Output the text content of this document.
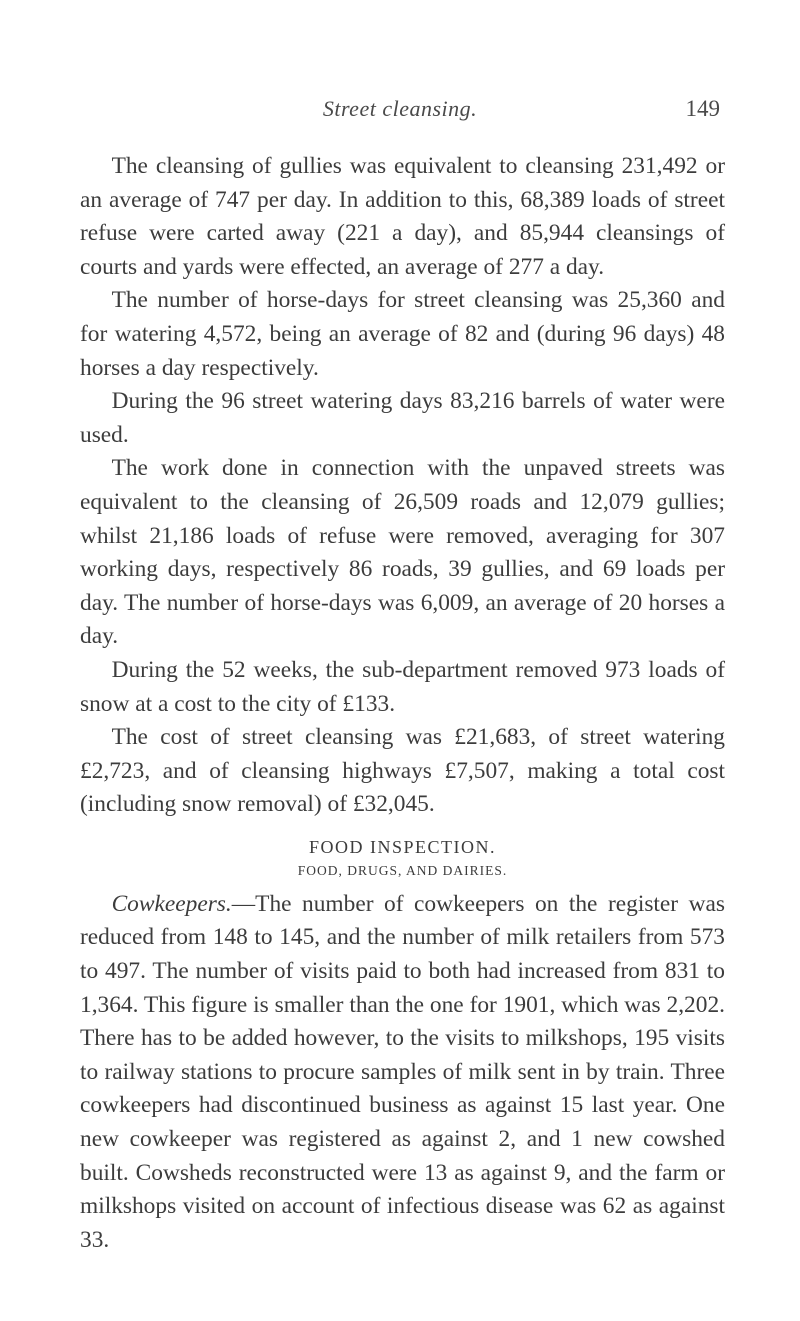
Street cleansing.	149

The cleansing of gullies was equivalent to cleansing 231,492 or an average of 747 per day. In addition to this, 68,389 loads of street refuse were carted away (221 a day), and 85,944 cleansings of courts and yards were effected, an average of 277 a day.

The number of horse-days for street cleansing was 25,360 and for watering 4,572, being an average of 82 and (during 96 days) 48 horses a day respectively.

During the 96 street watering days 83,216 barrels of water were used.

The work done in connection with the unpaved streets was equivalent to the cleansing of 26,509 roads and 12,079 gullies; whilst 21,186 loads of refuse were removed, averaging for 307 working days, respectively 86 roads, 39 gullies, and 69 loads per day. The number of horse-days was 6,009, an average of 20 horses a day.

During the 52 weeks, the sub-department removed 973 loads of snow at a cost to the city of £133.

The cost of street cleansing was £21,683, of street watering £2,723, and of cleansing highways £7,507, making a total cost (including snow removal) of £32,045.

FOOD INSPECTION.
FOOD, DRUGS, AND DAIRIES.

Cowkeepers.—The number of cowkeepers on the register was reduced from 148 to 145, and the number of milk retailers from 573 to 497. The number of visits paid to both had increased from 831 to 1,364. This figure is smaller than the one for 1901, which was 2,202. There has to be added however, to the visits to milkshops, 195 visits to railway stations to procure samples of milk sent in by train. Three cowkeepers had discontinued business as against 15 last year. One new cowkeeper was registered as against 2, and 1 new cowshed built. Cowsheds reconstructed were 13 as against 9, and the farm or milkshops visited on account of infectious disease was 62 as against 33.
